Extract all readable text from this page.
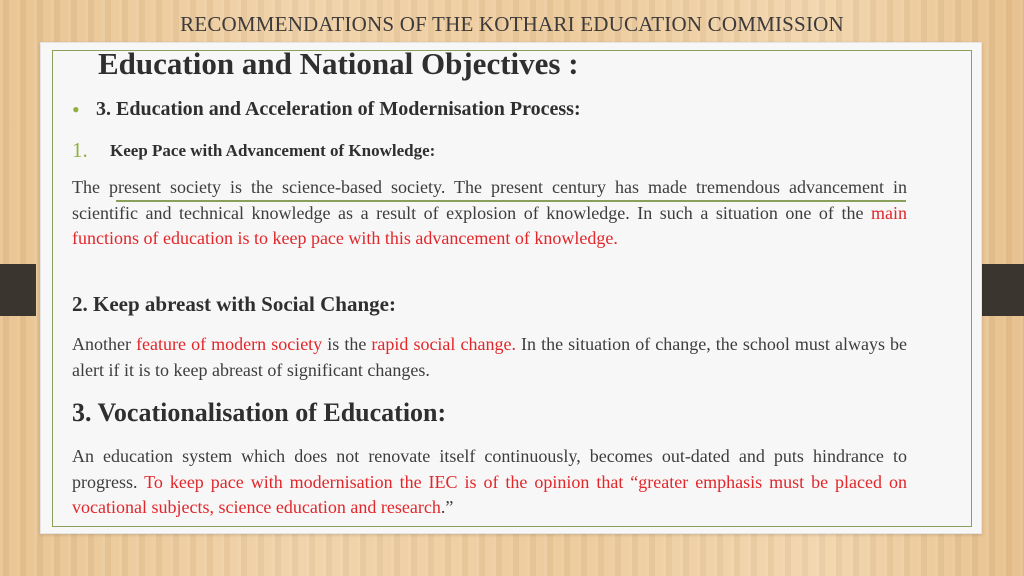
RECOMMENDATIONS OF THE KOTHARI EDUCATION COMMISSION
Education and National Objectives :
• 3. Education and Acceleration of Modernisation Process:
1. Keep Pace with Advancement of Knowledge:
The present society is the science-based society. The present century has made tremendous advancement in scientific and technical knowledge as a result of explosion of knowledge. In such a situation one of the main functions of education is to keep pace with this advancement of knowledge.
2. Keep abreast with Social Change:
Another feature of modern society is the rapid social change. In the situation of change, the school must always be alert if it is to keep abreast of significant changes.
3. Vocationalisation of Education:
An education system which does not renovate itself continuously, becomes out-dated and puts hindrance to progress. To keep pace with modernisation the IEC is of the opinion that “greater emphasis must be placed on vocational subjects, science education and research.”
